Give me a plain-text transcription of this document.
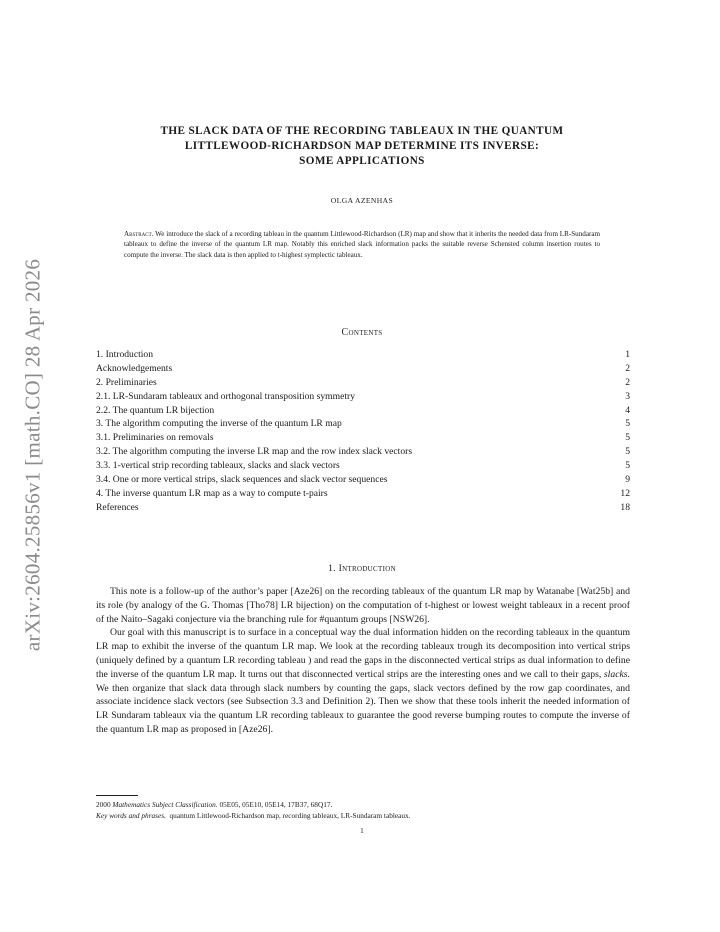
arXiv:2604.25856v1 [math.CO] 28 Apr 2026
THE SLACK DATA OF THE RECORDING TABLEAUX IN THE QUANTUM
LITTLEWOOD-RICHARDSON MAP DETERMINE ITS INVERSE:
SOME APPLICATIONS
OLGA AZENHAS
Abstract. We introduce the slack of a recording tableau in the quantum Littlewood-Richardson (LR) map and show that it inherits the needed data from LR-Sundaram tableaux to define the inverse of the quantum LR map. Notably this enriched slack information packs the suitable reverse Schensted column insertion routes to compute the inverse. The slack data is then applied to t-highest symplectic tableaux.
Contents
1. Introduction	1
Acknowledgements	2
2. Preliminaries	2
2.1. LR-Sundaram tableaux and orthogonal transposition symmetry	3
2.2. The quantum LR bijection	4
3. The algorithm computing the inverse of the quantum LR map	5
3.1. Preliminaries on removals	5
3.2. The algorithm computing the inverse LR map and the row index slack vectors	5
3.3. 1-vertical strip recording tableaux, slacks and slack vectors	5
3.4. One or more vertical strips, slack sequences and slack vector sequences	9
4. The inverse quantum LR map as a way to compute t-pairs	12
References	18
1. Introduction

This note is a follow-up of the author’s paper [Aze26] on the recording tableaux of the quantum LR map by Watanabe [Wat25b] and its role (by analogy of the G. Thomas [Tho78] LR bijection) on the computation of t-highest or lowest weight tableaux in a recent proof of the Naito–Sagaki conjecture via the branching rule for #quantum groups [NSW26].

Our goal with this manuscript is to surface in a conceptual way the dual information hidden on the recording tableaux in the quantum LR map to exhibit the inverse of the quantum LR map. We look at the recording tableaux trough its decomposition into vertical strips (uniquely defined by a quantum LR recording tableau ) and read the gaps in the disconnected vertical strips as dual information to define the inverse of the quantum LR map. It turns out that disconnected vertical strips are the interesting ones and we call to their gaps, slacks. We then organize that slack data through slack numbers by counting the gaps, slack vectors defined by the row gap coordinates, and associate incidence slack vectors (see Subsection 3.3 and Definition 2). Then we show that these tools inherit the needed information of LR Sundaram tableaux via the quantum LR recording tableaux to guarantee the good reverse bumping routes to compute the inverse of the quantum LR map as proposed in [Aze26].

2000 Mathematics Subject Classification. 05E05, 05E10, 05E14, 17B37, 68Q17.
Key words and phrases. quantum Littlewood-Richardson map, recording tableaux, LR-Sundaram tableaux.
1
